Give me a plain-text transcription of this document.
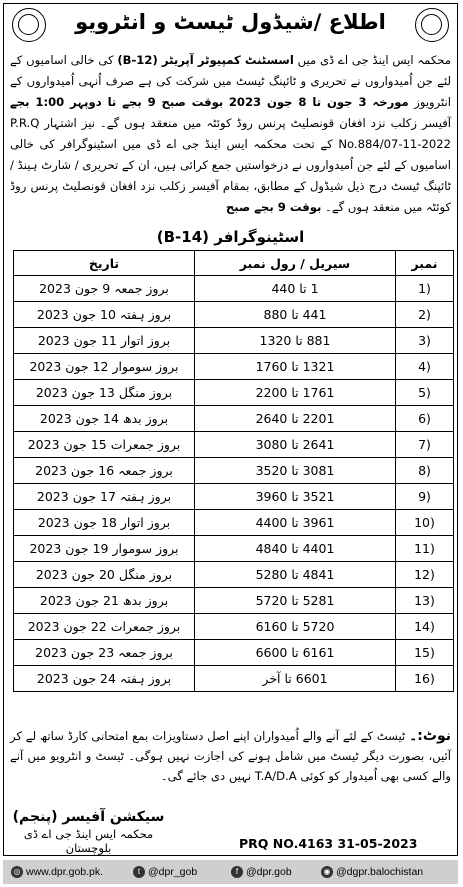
اطلاع /شیڈول ٹیسٹ و انٹرویو
محکمہ ایس اینڈ جی اے ڈی میں اسسٹنٹ کمپیوٹر آپریٹر (B-12) کی خالی اسامیوں کے لئے جن اُمیدواروں نے تحریری و ٹائپنگ ٹیسٹ میں شرکت کی ہے صرف اُنہی اُمیدواروں کے انٹرویوز مورخہ 3 جون تا 8 جون 2023 بوقت صبح 9 بجے تا دوپہر 1:00 بجے آفیسر زکلب نزد افغان قونصلیٹ پرنس روڈ کوئٹہ میں منعقد ہوں گے۔ نیز اشتہار P.R.Q No.884/07-11-2022 کے تحت محکمہ ایس اینڈ جی اے ڈی میں اسٹینوگرافر کی خالی اسامیوں کے لئے جن اُمیدواروں نے درخواستیں جمع کرائی ہیں، ان کے تحریری / شارٹ ہینڈ / ٹائپنگ ٹیسٹ درج ذیل شیڈول کے مطابق، بمقام آفیسر زکلب نزد افغان قونصلیٹ پرنس روڈ کوئٹہ میں منعقد ہوں گے۔ بوقت 9 بجے صبح
اسٹینوگرافر (B-14)
تاریخ	سیریل / رول نمبر	نمبر
بروز جمعہ 9 جون 2023	1 تا 440	1)
بروز ہفتہ 10 جون 2023	441 تا 880	2)
بروز اتوار 11 جون 2023	881 تا 1320	3)
بروز سوموار 12 جون 2023	1321 تا 1760	4)
بروز منگل 13 جون 2023	1761 تا 2200	5)
بروز بدھ 14 جون 2023	2201 تا 2640	6)
بروز جمعرات 15 جون 2023	2641 تا 3080	7)
بروز جمعہ 16 جون 2023	3081 تا 3520	8)
بروز ہفتہ 17 جون 2023	3521 تا 3960	9)
بروز اتوار 18 جون 2023	3961 تا 4400	10)
بروز سوموار 19 جون 2023	4401 تا 4840	11)
بروز منگل 20 جون 2023	4841 تا 5280	12)
بروز بدھ 21 جون 2023	5281 تا 5720	13)
بروز جمعرات 22 جون 2023	5720 تا 6160	14)
بروز جمعہ 23 جون 2023	6161 تا 6600	15)
بروز ہفتہ 24 جون 2023	6601 تا آخر	16)
نوٹ:۔ ٹیسٹ کے لئے آنے والے اُمیدواران اپنے اصل دستاویزات بمع امتحانی کارڈ ساتھ لے کر آئیں، بصورت دیگر ٹیسٹ میں شامل ہونے کی اجازت نہیں ہوگی۔ ٹیسٹ و انٹرویو میں آنے والے کسی بھی اُمیدوار کو کوئی T.A/D.A نہیں دی جائے گی۔
سیکشن آفیسر (پنجم)
محکمہ ایس اینڈ جی اے ڈی بلوچستان	PRQ NO.4163 31-05-2023
◎ www.dpr.gob.pk.	t @dpr_gob	f @dpr.gob	◉ @dgpr.balochistan
